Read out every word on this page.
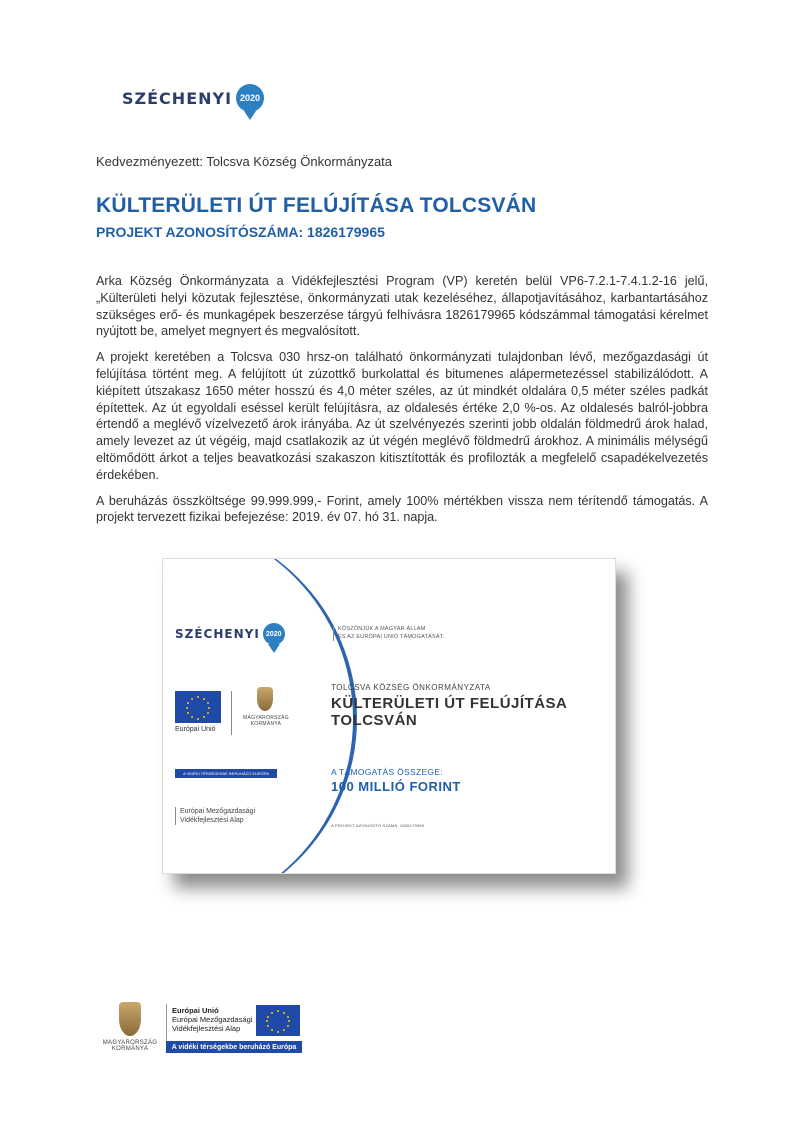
SZÉCHENYI 2020
Kedvezményezett: Tolcsva Község Önkormányzata
KÜLTERÜLETI ÚT FELÚJÍTÁSA TOLCSVÁN
PROJEKT AZONOSÍTÓSZÁMA: 1826179965

Arka Község Önkormányzata a Vidékfejlesztési Program (VP) keretén belül VP6-7.2.1-7.4.1.2-16 jelű, „Külterületi helyi közutak fejlesztése, önkormányzati utak kezeléséhez, állapotjavításához, karbantartásához szükséges erő- és munkagépek beszerzése tárgyú felhívásra 1826179965 kódszámmal támogatási kérelmet nyújtott be, amelyet megnyert és megvalósított.

A projekt keretében a Tolcsva 030 hrsz-on található önkormányzati tulajdonban lévő, mezőgazdasági út felújítása történt meg. A felújított út zúzottkő burkolattal és bitumenes alápermetezéssel stabilizálódott. A kiépített útszakasz 1650 méter hosszú és 4,0 méter széles, az út mindkét oldalára 0,5 méter széles padkát építettek. Az út egyoldali eséssel került felújításra, az oldalesés értéke 2,0 %-os. Az oldalesés balról-jobbra értendő a meglévő vízelvezető árok irányába. Az út szelvényezés szerinti jobb oldalán földmedrű árok halad, amely levezet az út végéig, majd csatlakozik az út végén meglévő földmedrű árokhoz. A minimális mélységű eltömődött árkot a teljes beavatkozási szakaszon kitisztították és profilozták a megfelelő csapadékelvezetés érdekében.

A beruházás összköltsége 99.999.999,- Forint, amely 100% mértékben vissza nem térítendő támogatás. A projekt tervezett fizikai befejezése: 2019. év 07. hó 31. napja.

SZÉCHENYI 2020
Európai Unió
MAGYARORSZÁG
KORMÁNYA
A VIDÉKI TÉRSÉGEKBE BERUHÁZÓ EURÓPA
Európai Mezőgazdasági
Vidékfejlesztési Alap
KÖSZÖNJÜK A MAGYAR ÁLLAM
ÉS AZ EURÓPAI UNIÓ TÁMOGATÁSÁT.
TOLCSVA KÖZSÉG ÖNKORMÁNYZATA
KÜLTERÜLETI ÚT FELÚJÍTÁSA
TOLCSVÁN
A TÁMOGATÁS ÖSSZEGE:
100 MILLIÓ FORINT
A PROJEKT AZONOSÍTÓ SZÁMA: 1826179965
MAGYARORSZÁG
KORMÁNYA
Európai Unió
Európai Mezőgazdasági
Vidékfejlesztési Alap
A vidéki térségekbe beruházó Európa
